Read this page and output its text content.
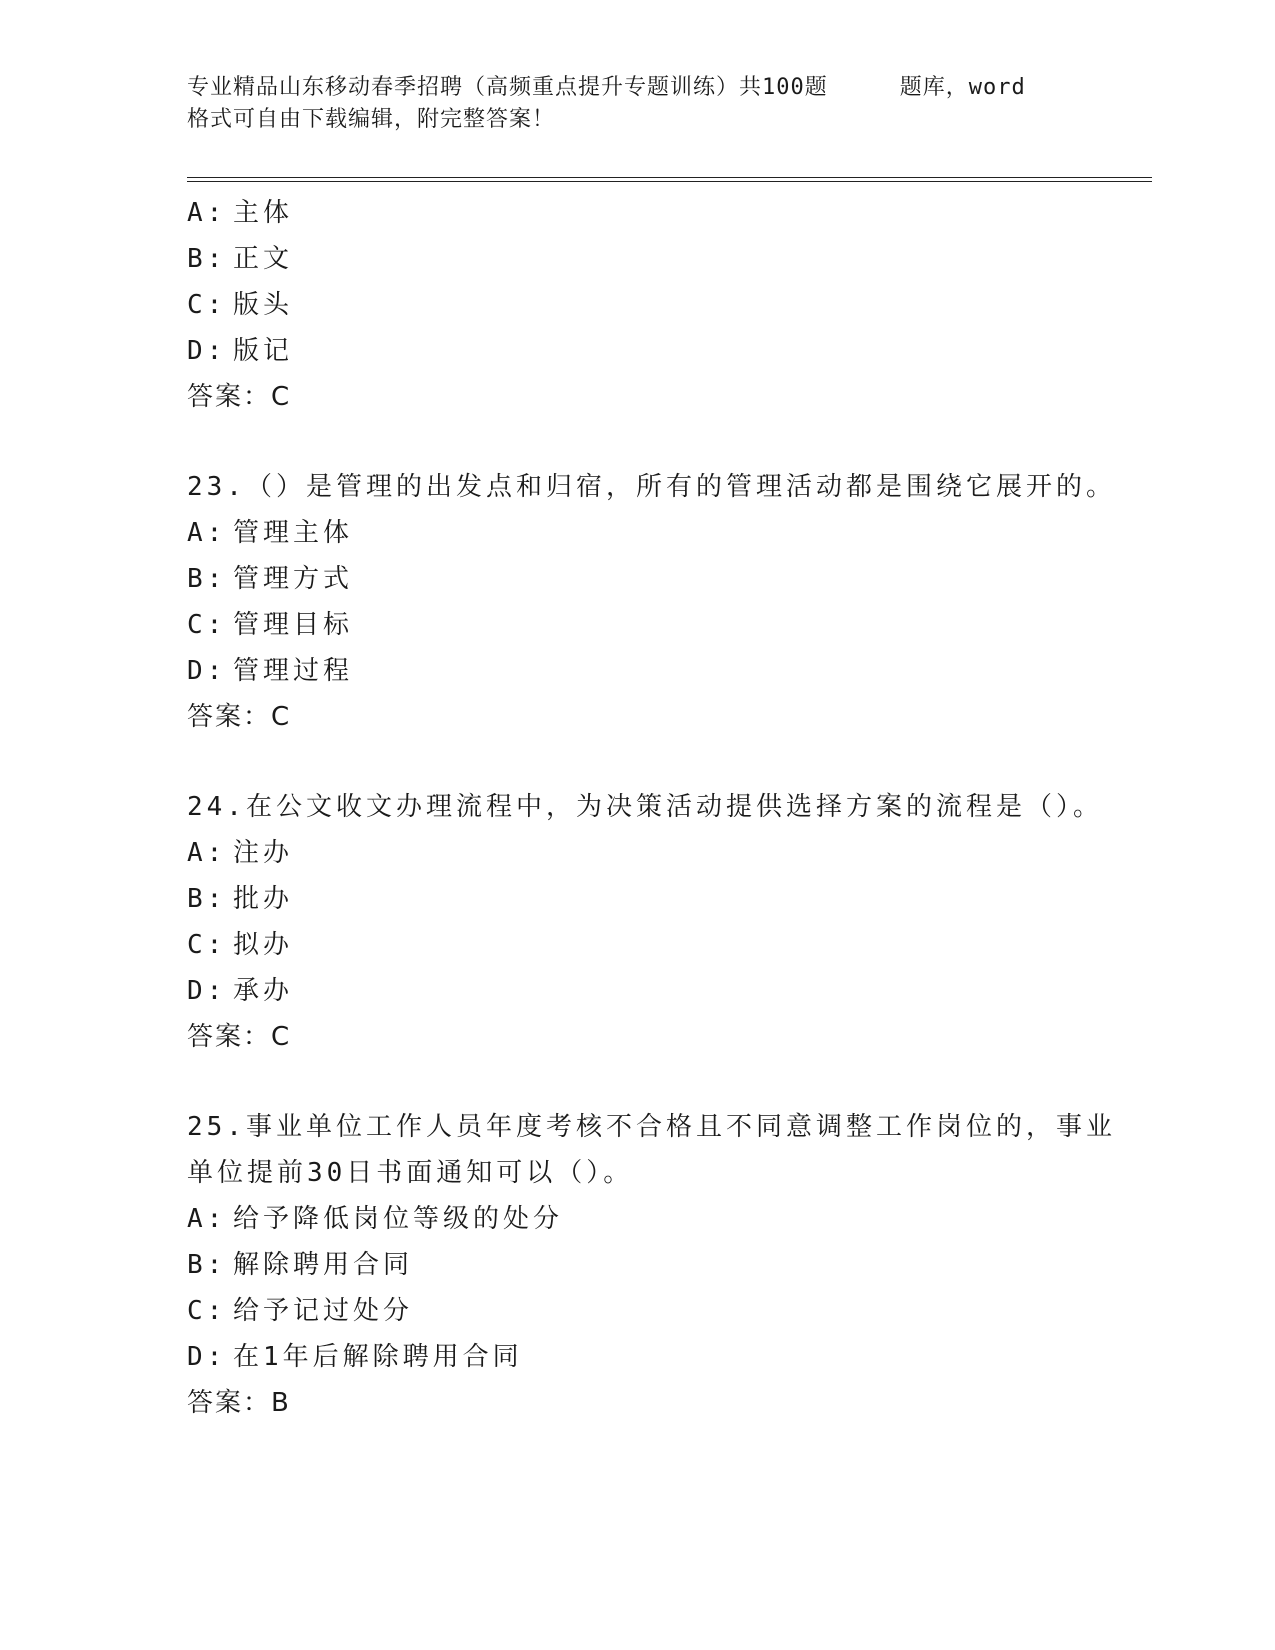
专业精品山东移动春季招聘（高频重点提升专题训练）共100题	题库，word
格式可自由下载编辑，附完整答案！
A: 主体
B: 正文
C: 版头
D: 版记
答案：C
23.（）是管理的出发点和归宿，所有的管理活动都是围绕它展开的。
A: 管理主体
B: 管理方式
C: 管理目标
D: 管理过程
答案：C
24.在公文收文办理流程中，为决策活动提供选择方案的流程是（）。
A: 注办
B: 批办
C: 拟办
D: 承办
答案：C
25.事业单位工作人员年度考核不合格且不同意调整工作岗位的，事业
单位提前30日书面通知可以（）。
A: 给予降低岗位等级的处分
B: 解除聘用合同
C: 给予记过处分
D: 在1年后解除聘用合同
答案：B
